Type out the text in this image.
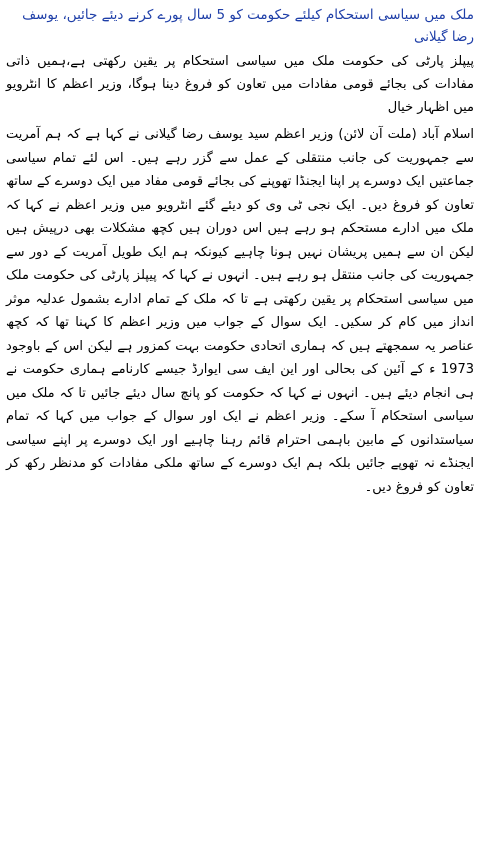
ملک میں سیاسی استحکام کیلئے حکومت کو 5 سال پورے کرنے دیئے جائیں، یوسف رضا گیلانی

پیپلز پارٹی کی حکومت ملک میں سیاسی استحکام پر یقین رکھتی ہے،ہمیں ذاتی مفادات کی بجائے قومی مفادات میں تعاون کو فروغ دینا ہوگا، وزیر اعظم کا انٹرویو میں اظہار خیال

اسلام آباد (ملت آن لائن) وزیر اعظم سید یوسف رضا گیلانی نے کہا ہے کہ ہم آمریت سے جمہوریت کی جانب منتقلی کے عمل سے گزر رہے ہیں۔ اس لئے تمام سیاسی جماعتیں ایک دوسرے پر اپنا ایجنڈا تھوپنے کی بجائے قومی مفاد میں ایک دوسرے کے ساتھ تعاون کو فروغ دیں۔ ایک نجی ٹی وی کو دیئے گئے انٹرویو میں وزیر اعظم نے کہا کہ ملک میں ادارے مستحکم ہو رہے ہیں اس دوران ہیں کچھ مشکلات بھی درپیش ہیں لیکن ان سے ہمیں پریشان نہیں ہونا چاہیے کیونکہ ہم ایک طویل آمریت کے دور سے جمہوریت کی جانب منتقل ہو رہے ہیں۔ انہوں نے کہا کہ پیپلز پارٹی کی حکومت ملک میں سیاسی استحکام پر یقین رکھتی ہے تا کہ ملک کے تمام ادارے بشمول عدلیہ موثر انداز میں کام کر سکیں۔ ایک سوال کے جواب میں وزیر اعظم کا کہنا تھا کہ کچھ عناصر یہ سمجھتے ہیں کہ ہماری اتحادی حکومت بہت کمزور ہے لیکن اس کے باوجود 1973 ء کے آئین کی بحالی اور این ایف سی ایوارڈ جیسے کارنامے ہماری حکومت نے ہی انجام دیئے ہیں۔ انہوں نے کہا کہ حکومت کو پانچ سال دیئے جائیں تا کہ ملک میں سیاسی استحکام آ سکے۔ وزیر اعظم نے ایک اور سوال کے جواب میں کہا کہ تمام سیاستدانوں کے مابین باہمی احترام قائم رہنا چاہیے اور ایک دوسرے پر اپنے سیاسی ایجنڈے نہ تھوپے جائیں بلکہ ہم ایک دوسرے کے ساتھ ملکی مفادات کو مدنظر رکھ کر تعاون کو فروغ دیں۔
